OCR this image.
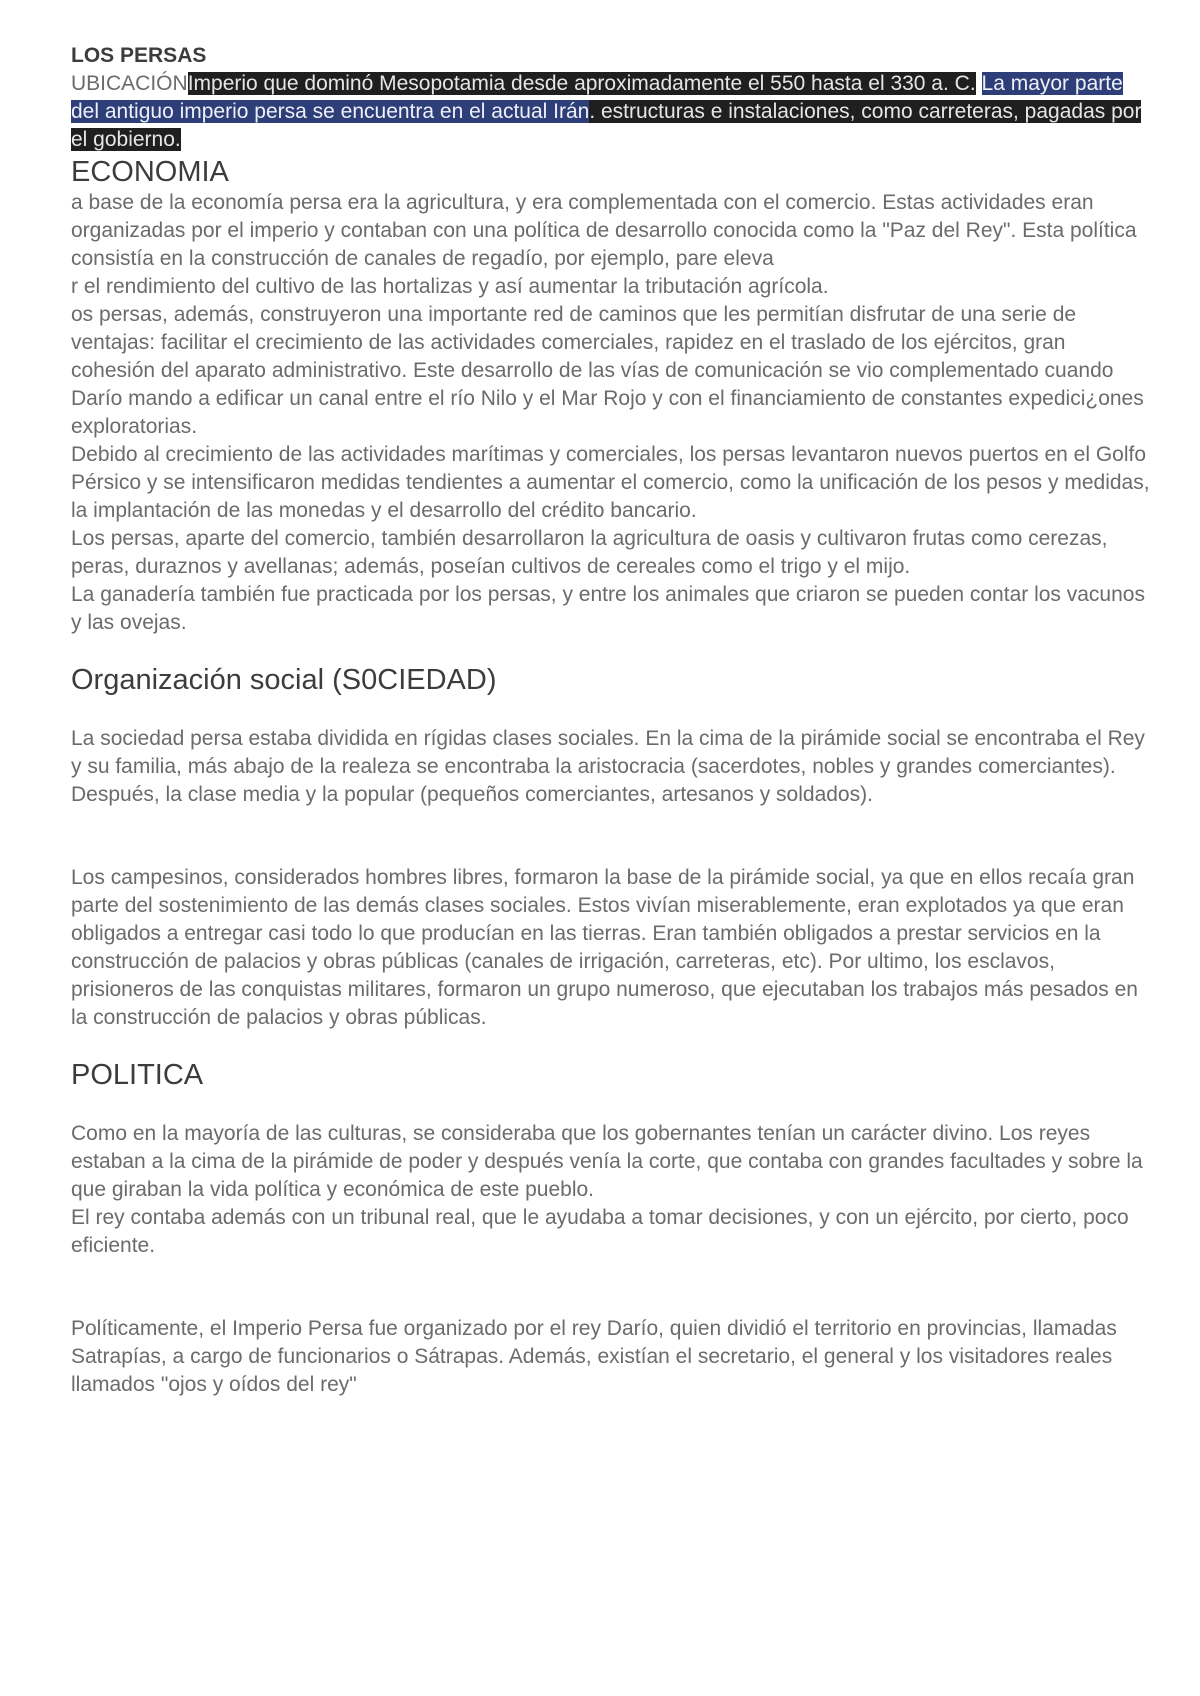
LOS PERSAS

UBICACIÓNImperio que dominó Mesopotamia desde aproximadamente el 550 hasta el 330 a. C. La mayor parte del antiguo imperio persa se encuentra en el actual Irán. estructuras e instalaciones, como carreteras, pagadas por el gobierno.

ECONOMIA

a base de la economía persa era la agricultura, y era complementada con el comercio. Estas actividades eran organizadas por el imperio y contaban con una política de desarrollo conocida como la "Paz del Rey". Esta política consistía en la construcción de canales de regadío, por ejemplo, pare eleva

r el rendimiento del cultivo de las hortalizas y así aumentar la tributación agrícola.

os persas, además, construyeron una importante red de caminos que les permitían disfrutar de una serie de ventajas: facilitar el crecimiento de las actividades comerciales, rapidez en el traslado de los ejércitos, gran cohesión del aparato administrativo. Este desarrollo de las vías de comunicación se vio complementado cuando Darío mando a edificar un canal entre el río Nilo y el Mar Rojo y con el financiamiento de constantes expedici¿ones exploratorias.

Debido al crecimiento de las actividades marítimas y comerciales, los persas levantaron nuevos puertos en el Golfo Pérsico y se intensificaron medidas tendientes a aumentar el comercio, como la unificación de los pesos y medidas, la implantación de las monedas y el desarrollo del crédito bancario.

Los persas, aparte del comercio, también desarrollaron la agricultura de oasis y cultivaron frutas como cerezas, peras, duraznos y avellanas; además, poseían cultivos de cereales como el trigo y el mijo.

La ganadería también fue practicada por los persas, y entre los animales que criaron se pueden contar los vacunos y las ovejas.

Organización social (S0CIEDAD)

La sociedad persa estaba dividida en rígidas clases sociales. En la cima de la pirámide social se encontraba el Rey y su familia, más abajo de la realeza se encontraba la aristocracia (sacerdotes, nobles y grandes comerciantes). Después, la clase media y la popular (pequeños comerciantes, artesanos y soldados).

Los campesinos, considerados hombres libres, formaron la base de la pirámide social, ya que en ellos recaía gran parte del sostenimiento de las demás clases sociales. Estos vivían miserablemente, eran explotados ya que eran obligados a entregar casi todo lo que producían en las tierras. Eran también obligados a prestar servicios en la construcción de palacios y obras públicas (canales de irrigación, carreteras, etc). Por ultimo, los esclavos, prisioneros de las conquistas militares, formaron un grupo numeroso, que ejecutaban los trabajos más pesados en la construcción de palacios y obras públicas.

POLITICA

Como en la mayoría de las culturas, se consideraba que los gobernantes tenían un carácter divino. Los reyes estaban a la cima de la pirámide de poder y después venía la corte, que contaba con grandes facultades y sobre la que giraban la vida política y económica de este pueblo.

El rey contaba además con un tribunal real, que le ayudaba a tomar decisiones, y con un ejército, por cierto, poco eficiente.

Políticamente, el Imperio Persa fue organizado por el rey Darío, quien dividió el territorio en provincias, llamadas Satrapías, a cargo de funcionarios o Sátrapas. Además, existían el secretario, el general y los visitadores reales llamados "ojos y oídos del rey"
